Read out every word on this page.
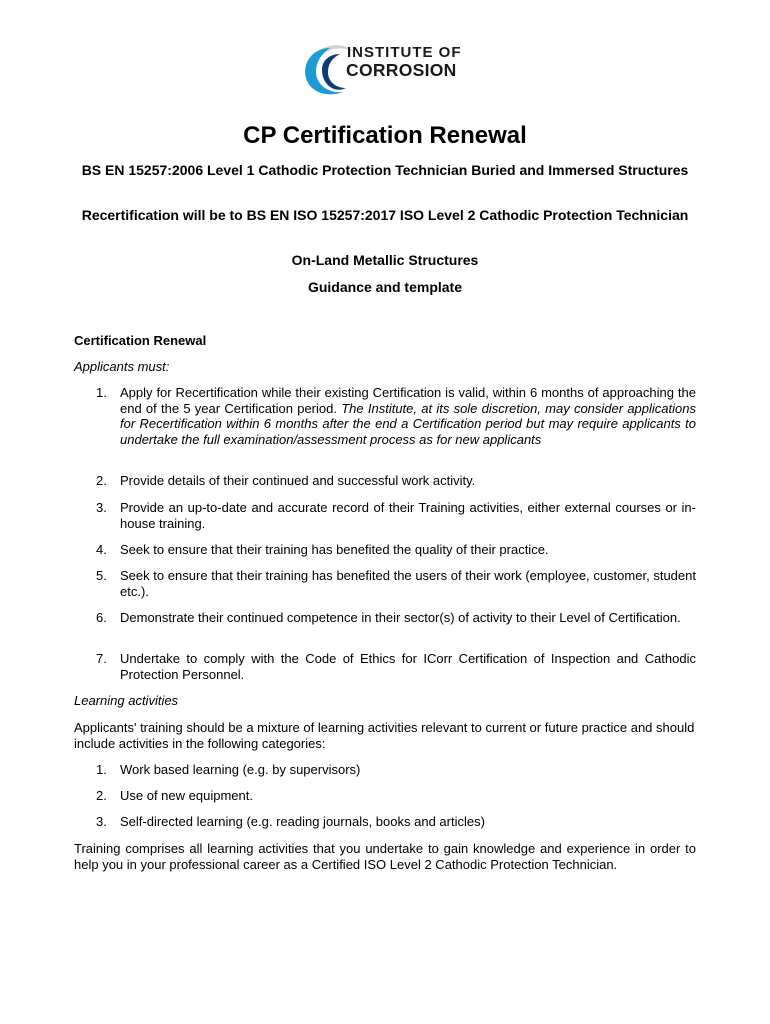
INSTITUTE OF
CORROSION
CP Certification Renewal

BS EN 15257:2006 Level 1 Cathodic Protection Technician Buried and Immersed Structures

Recertification will be to BS EN ISO 15257:2017 ISO Level 2 Cathodic Protection Technician

On-Land Metallic Structures

Guidance and template

Certification Renewal

Applicants must:

1. Apply for Recertification while their existing Certification is valid, within 6 months of approaching the end of the 5 year Certification period. The Institute, at its sole discretion, may consider applications for Recertification within 6 months after the end a Certification period but may require applicants to undertake the full examination/assessment process as for new applicants
2. Provide details of their continued and successful work activity.
3. Provide an up-to-date and accurate record of their Training activities, either external courses or in-house training.
4. Seek to ensure that their training has benefited the quality of their practice.
5. Seek to ensure that their training has benefited the users of their work (employee, customer, student etc.).
6. Demonstrate their continued competence in their sector(s) of activity to their Level of Certification.
7. Undertake to comply with the Code of Ethics for ICorr Certification of Inspection and Cathodic Protection Personnel.

Learning activities

Applicants' training should be a mixture of learning activities relevant to current or future practice and should include activities in the following categories:

1. Work based learning (e.g. by supervisors)
2. Use of new equipment.
3. Self-directed learning (e.g. reading journals, books and articles)

Training comprises all learning activities that you undertake to gain knowledge and experience in order to help you in your professional career as a Certified ISO Level 2 Cathodic Protection Technician.
